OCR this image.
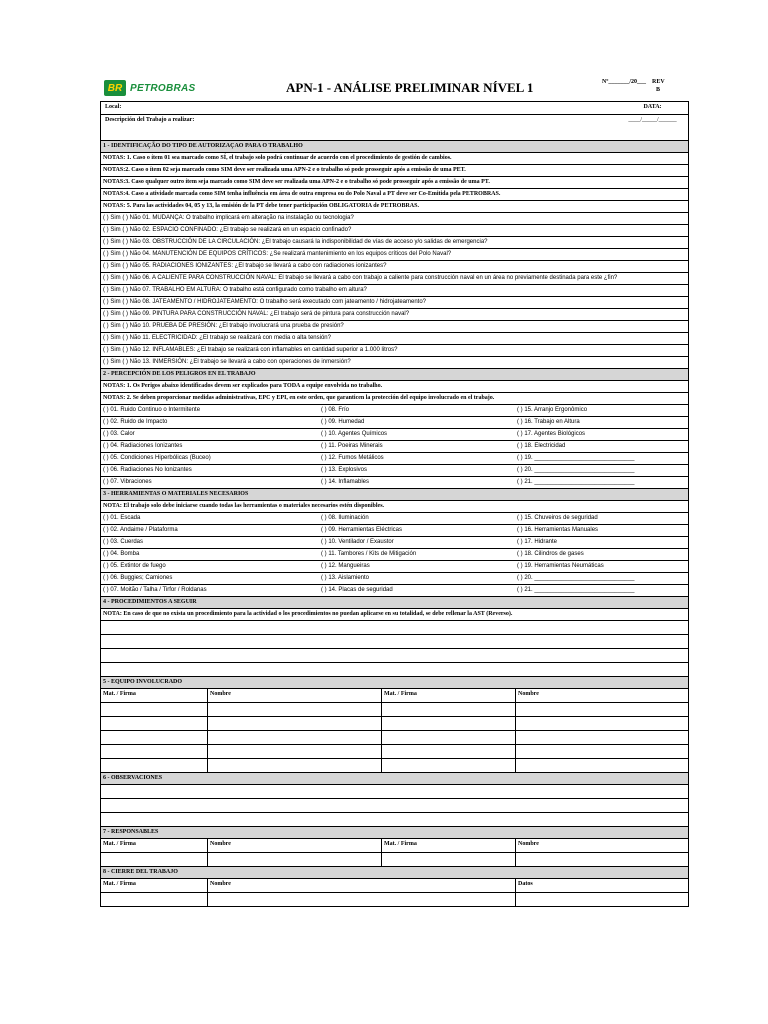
BR PETROBRAS	APN-1 - ANÁLISE PRELIMINAR NÍVEL 1	Nº_______/20___    REV
B
Local:	DATA:
Descripción del Trabajo a realizar:	____/_____/______
1 - IDENTIFICAÇÃO DO TIPO DE AUTORIZAÇAO PARA O TRABALHO
NOTAS: 1. Caso o ítem 01 sea marcado como SÍ, el trabajo solo podrá continuar de acuerdo con el procedimiento de gestión de cambios.
NOTAS:2. Caso o ítem 02 seja marcado como SIM deve ser realizada uma APN-2 e o trabalho só pode prosseguir após a emissão de uma PET.
NOTAS:3. Caso qualquer outro ítem seja marcado como SIM deve ser realizada uma APN-2 e o trabalho só pode prosseguir após a emissão de uma PT.
NOTAS:4. Caso a atividade marcada como SIM tenha influência em área de outra empresa ou do Polo Naval a PT deve ser Co-Emitida pela PETROBRAS.
NOTAS: 5. Para las actividades 04, 05 y 13, la emisión de la PT debe tener participación OBLIGATORIA de PETROBRAS.
( ) Sim ( ) Não 01. MUDANÇA: O trabalho implicará em alteração na instalação ou tecnologia?
( ) Sim ( ) Não 02. ESPACIO CONFINADO: ¿El trabajo se realizará en un espacio confinado?
( ) Sim ( ) Não 03. OBSTRUCCIÓN DE LA CIRCULACIÓN: ¿El trabajo causará la indisponibilidad de vías de acceso y/o salidas de emergencia?
( ) Sim ( ) Não 04. MANUTENCIÓN DE EQUIPOS CRÍTICOS: ¿Se realizará mantenimiento en los equipos críticos del Polo Naval?
( ) Sim ( ) Não 05. RADIACIONES IONIZANTES: ¿El trabajo se llevará a cabo con radiaciones ionizantes?
( ) Sim ( ) Não 06. A CALIENTE PARA CONSTRUCCIÓN NAVAL: El trabajo se llevará a cabo con trabajo a caliente para construcción naval en un área no previamente destinada para este ¿fin?
( ) Sim ( ) Não 07. TRABALHO EM ALTURA: O trabalho está configurado como trabalho em altura?
( ) Sim ( ) Não 08. JATEAMENTO / HIDROJATEAMENTO: O trabalho será executado com jateamento / hidrojateamento?
( ) Sim ( ) Não 09. PINTURA PARA CONSTRUCCIÓN NAVAL: ¿El trabajo será de pintura para construcción naval?
( ) Sim ( ) Não 10. PRUEBA DE PRESIÓN: ¿El trabajo involucrará una prueba de presión?
( ) Sim ( ) Não 11. ELECTRICIDAD: ¿El trabajo se realizará con media o alta tensión?
( ) Sim ( ) Não 12. INFLAMABLES: ¿El trabajo se realizará con inflamables en cantidad superior a 1.000 litros?
( ) Sim ( ) Não 13. INMERSIÓN: ¿El trabajo se llevará a cabo con operaciones de inmersión?
2 - PERCEPCIÓN DE LOS PELIGROS EN EL TRABAJO
NOTAS: 1. Os Perigos abaixo identificados devem ser explicados para TODA a equipe envolvida no trabalho.
NOTAS: 2. Se deben proporcionar medidas administrativas, EPC y EPI, en este orden, que garanticen la protección del equipo involucrado en el trabajo.
( ) 01. Ruido Continuo o Intermitente	( ) 08. Frío	( ) 15. Arranjo Ergonômico
( ) 02. Ruido de Impacto	( ) 09. Humedad	( ) 16. Trabajo en Altura
( ) 03. Calor	( ) 10. Agentes Químicos	( ) 17. Agentes Biológicos
( ) 04. Radiaciones Ionizantes	( ) 11. Poeiras Minerais	( ) 18. Electricidad
( ) 05. Condiciones Hiperbólicas (Buceo)	( ) 12. Fumos Metálicos	( ) 19. ______________________________
( ) 06. Radiaciones No Ionizantes	( ) 13. Explosivos	( ) 20. ______________________________
( ) 07. Vibraciones	( ) 14. Inflamables	( ) 21. ______________________________
3 - HERRAMIENTAS O MATERIALES NECESARIOS
NOTA: El trabajo solo debe iniciarse cuando todas las herramientas o materiales necesarios estén disponibles.
( ) 01. Escada	( ) 08. Iluminación	( ) 15. Chuveiros de seguridad
( ) 02. Andaime / Plataforma	( ) 09. Herramientas Eléctricas	( ) 16. Herramientas Manuales
( ) 03. Cuerdas	( ) 10. Ventilador / Exaustor	( ) 17. Hidrante
( ) 04. Bomba	( ) 11. Tambores / Kits de Mitigación	( ) 18. Cilindros de gases
( ) 05. Extintor de fuego	( ) 12. Mangueiras	( ) 19. Herramientas Neumáticas
( ) 06. Buggies; Camiones	( ) 13. Aislamiento	( ) 20. ______________________________
( ) 07. Moitão / Talha / Tirfor / Roldanas	( ) 14. Placas de seguridad	( ) 21. ______________________________
4 - PROCEDIMIENTOS A SEGUIR
NOTA: En caso de que no exista un procedimiento para la actividad o los procedimientos no puedan aplicarse en su totalidad, se debe rellenar la AST (Reverso).
5 - EQUIPO INVOLUCRADO
Mat. / Firma	Nombre	Mat. / Firma	Nombre
6 - OBSERVACIONES
7 - RESPONSABLES
Mat. / Firma	Nombre	Mat. / Firma	Nombre
8 - CIERRE DEL TRABAJO
Mat. / Firma	Nombre	Datos
